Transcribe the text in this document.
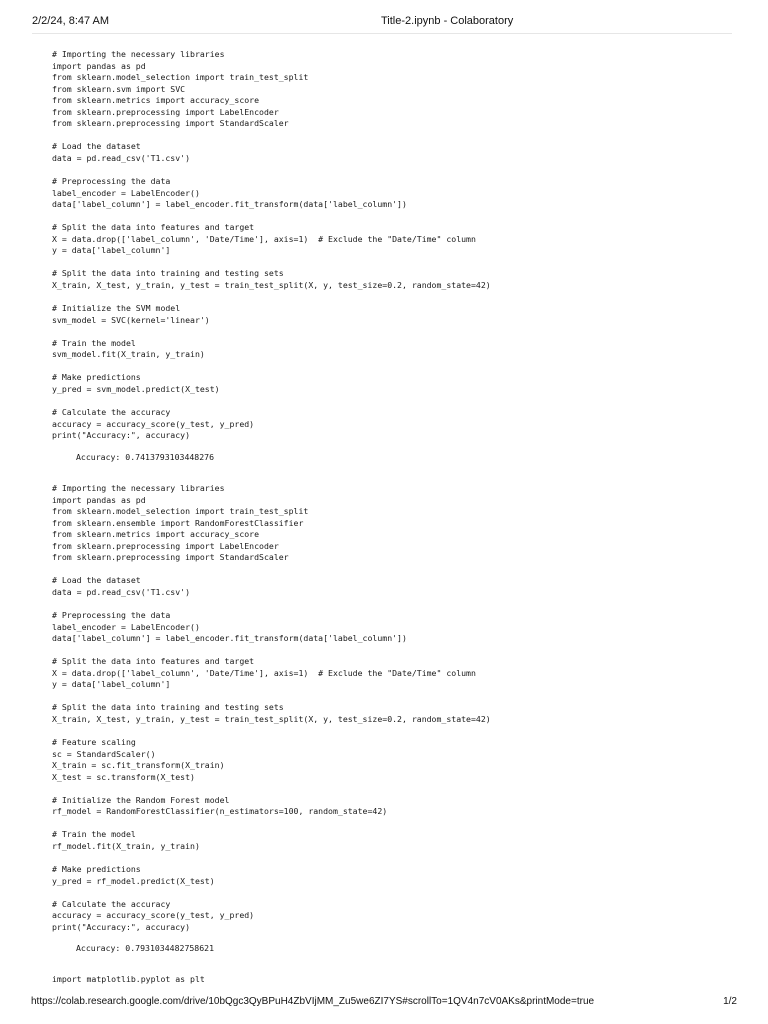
2/2/24, 8:47 AM	Title-2.ipynb - Colaboratory
# Importing the necessary libraries
import pandas as pd
from sklearn.model_selection import train_test_split
from sklearn.svm import SVC
from sklearn.metrics import accuracy_score
from sklearn.preprocessing import LabelEncoder
from sklearn.preprocessing import StandardScaler
# Load the dataset
data = pd.read_csv('T1.csv')
# Preprocessing the data
label_encoder = LabelEncoder()
data['label_column'] = label_encoder.fit_transform(data['label_column'])
# Split the data into features and target
X = data.drop(['label_column', 'Date/Time'], axis=1)  # Exclude the "Date/Time" column
y = data['label_column']
# Split the data into training and testing sets
X_train, X_test, y_train, y_test = train_test_split(X, y, test_size=0.2, random_state=42)
# Initialize the SVM model
svm_model = SVC(kernel='linear')
# Train the model
svm_model.fit(X_train, y_train)
# Make predictions
y_pred = svm_model.predict(X_test)
# Calculate the accuracy
accuracy = accuracy_score(y_test, y_pred)
print("Accuracy:", accuracy)
Accuracy: 0.7413793103448276
# Importing the necessary libraries
import pandas as pd
from sklearn.model_selection import train_test_split
from sklearn.ensemble import RandomForestClassifier
from sklearn.metrics import accuracy_score
from sklearn.preprocessing import LabelEncoder
from sklearn.preprocessing import StandardScaler
# Load the dataset
data = pd.read_csv('T1.csv')
# Preprocessing the data
label_encoder = LabelEncoder()
data['label_column'] = label_encoder.fit_transform(data['label_column'])
# Split the data into features and target
X = data.drop(['label_column', 'Date/Time'], axis=1)  # Exclude the "Date/Time" column
y = data['label_column']
# Split the data into training and testing sets
X_train, X_test, y_train, y_test = train_test_split(X, y, test_size=0.2, random_state=42)
# Feature scaling
sc = StandardScaler()
X_train = sc.fit_transform(X_train)
X_test = sc.transform(X_test)
# Initialize the Random Forest model
rf_model = RandomForestClassifier(n_estimators=100, random_state=42)
# Train the model
rf_model.fit(X_train, y_train)
# Make predictions
y_pred = rf_model.predict(X_test)
# Calculate the accuracy
accuracy = accuracy_score(y_test, y_pred)
print("Accuracy:", accuracy)
Accuracy: 0.7931034482758621
import matplotlib.pyplot as plt
https://colab.research.google.com/drive/10bQgc3QyBPuH4ZbVIjMM_Zu5we6ZI7YS#scrollTo=1QV4n7cV0AKs&printMode=true	1/2
